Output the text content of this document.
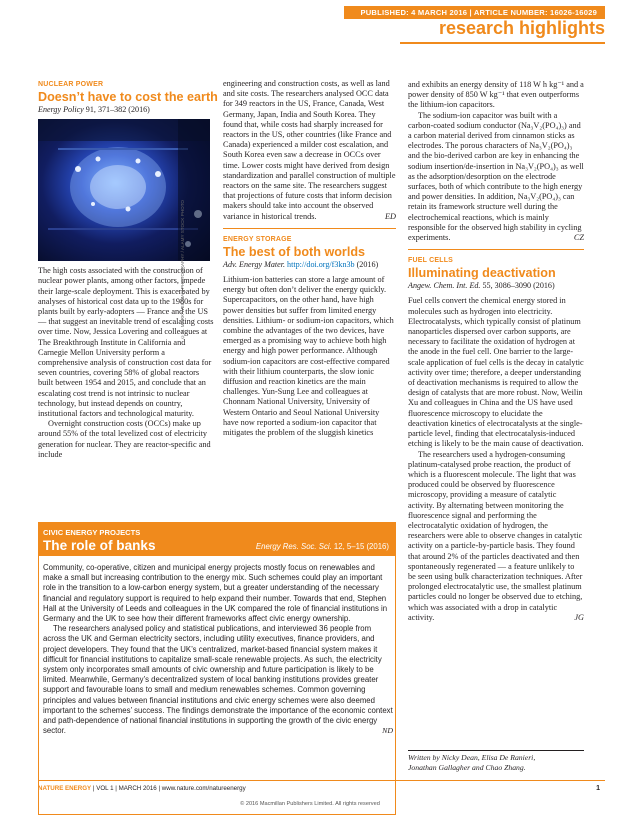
PUBLISHED: 4 MARCH 2016 | ARTICLE NUMBER: 16026-16029
research highlights
NUCLEAR POWER
Doesn’t have to cost the earth
Energy Policy 91, 371–382 (2016)

The high costs associated with the construction of nuclear power plants, among other factors, impede their large-scale deployment. This is exacerbated by analyses of historical cost data up to the 1980s for plants built by early-adopters — France and the US — that suggest an inevitable trend of escalating costs over time. Now, Jessica Lovering and colleagues at The Breakthrough Institute in California and Carnegie Mellon University perform a comprehensive analysis of construction cost data for seven countries, covering 58% of global reactors built between 1954 and 2015, and conclude that an escalating cost trend is not intrinsic to nuclear technology, but instead depends on country, institutional factors and technological maturity.

Overnight construction costs (OCCs) make up around 55% of the total levelized cost of electricity generation for nuclear. They are reactor-specific and include

© H. MARK WEIDMAN PHOTOGRAPHY / ALAMY STOCK PHOTO

engineering and construction costs, as well as land and site costs. The researchers analysed OCC data for 349 reactors in the US, France, Canada, West Germany, Japan, India and South Korea. They found that, while costs had sharply increased for reactors in the US, other countries (like France and Canada) experienced a milder cost escalation, and South Korea even saw a decrease in OCCs over time. Lower costs might have derived from design standardization and parallel construction of multiple reactors on the same site. The researchers suggest that projections of future costs that inform decision makers should take into account the observed variance in historical trends.	ED

ENERGY STORAGE
The best of both worlds
Adv. Energy Mater. http://doi.org/f3kn3b (2016)

Lithium-ion batteries can store a large amount of energy but often don’t deliver the energy quickly. Supercapacitors, on the other hand, have high power densities but suffer from limited energy densities. Lithium- or sodium-ion capacitors, which combine the advantages of the two devices, have emerged as a promising way to achieve both high energy and high power performance. Although sodium-ion capacitors are cost-effective compared with their lithium counterparts, the slow ionic diffusion and reaction kinetics are the main challenges. Yun-Sung Lee and colleagues at Chonnam National University, University of Western Ontario and Seoul National University have now reported a sodium-ion capacitor that mitigates the problem of the sluggish kinetics

and exhibits an energy density of 118 W h kg⁻¹ and a power density of 850 W kg⁻¹ that even outperforms the lithium-ion capacitors.

The sodium-ion capacitor was built with a carbon-coated sodium conductor (Na₃V₂(PO₄)₃) and a carbon material derived from cinnamon sticks as electrodes. The porous characters of Na₃V₂(PO₄)₃ and the bio-derived carbon are key in enhancing the sodium insertion/de-insertion in Na₃V₂(PO₄)₃ as well as the adsorption/desorption on the electrode surfaces, both of which contribute to the high energy and power densities. In addition, Na₃V₂(PO₄)₃ can retain its framework structure well during the electrochemical reactions, which is mainly responsible for the observed high stability in cycling experiments.	CZ

FUEL CELLS
Illuminating deactivation
Angew. Chem. Int. Ed. 55, 3086–3090 (2016)

Fuel cells convert the chemical energy stored in molecules such as hydrogen into electricity. Electrocatalysts, which typically consist of platinum nanoparticles dispersed over carbon supports, are necessary to facilitate the oxidation of hydrogen at the anode in the fuel cell. One barrier to the large-scale application of fuel cells is the decay in catalytic activity over time; therefore, a deeper understanding of deactivation mechanisms is required to allow the design of catalysts that are more robust. Now, Weilin Xu and colleagues in China and the US have used fluorescence microscopy to elucidate the deactivation kinetics of electrocatalysts at the single-particle level, finding that electrocatalysis-induced etching is likely to be the main cause of deactivation.

The researchers used a hydrogen-consuming platinum-catalysed probe reaction, the product of which is a fluorescent molecule. The light that was produced could be observed by fluorescence microscopy, providing a measure of catalytic activity. By alternating between monitoring the fluorescence signal and performing the electrocatalytic oxidation of hydrogen, the researchers were able to observe changes in catalytic activity on a particle-by-particle basis. They found that around 2% of the particles deactivated and then spontaneously regenerated — a feature unlikely to be seen using bulk characterization techniques. After prolonged electrocatalytic use, the smallest platinum particles could no longer be observed due to etching, which was associated with a drop in catalytic activity.	JG

CIVIC ENERGY PROJECTS
The role of banks	Energy Res. Soc. Sci. 12, 5–15 (2016)

Community, co-operative, citizen and municipal energy projects mostly focus on renewables and make a small but increasing contribution to the energy mix. Such schemes could play an important role in the transition to a low-carbon energy system, but a greater understanding of the necessary financial and regulatory support is required to help expand their number. Towards that end, Stephen Hall at the University of Leeds and colleagues in the UK compared the role of financial institutions in Germany and the UK to see how their different frameworks affect civic energy ownership.

The researchers analysed policy and statistical publications, and interviewed 36 people from across the UK and German electricity sectors, including utility executives, finance providers, and project developers. They found that the UK’s centralized, market-based financial system makes it difficult for financial institutions to capitalize small-scale renewable projects. As such, the electricity system only incorporates small amounts of civic ownership and future participation is likely to be limited. Meanwhile, Germany’s decentralized system of local banking institutions provides greater support and favourable loans to small and medium renewables schemes. Common governing principles and values between financial institutions and civic energy schemes were also deemed important to the schemes’ success. The findings demonstrate the importance of the economic context and path-dependence of national financial institutions in supporting the growth of the civic energy sector.	ND

Written by Nicky Dean, Elisa De Ranieri,
Jonathan Gallagher and Chao Zhang.
NATURE ENERGY | VOL 1 | MARCH 2016 | www.nature.com/natureenergy	1
© 2016 Macmillan Publishers Limited. All rights reserved
